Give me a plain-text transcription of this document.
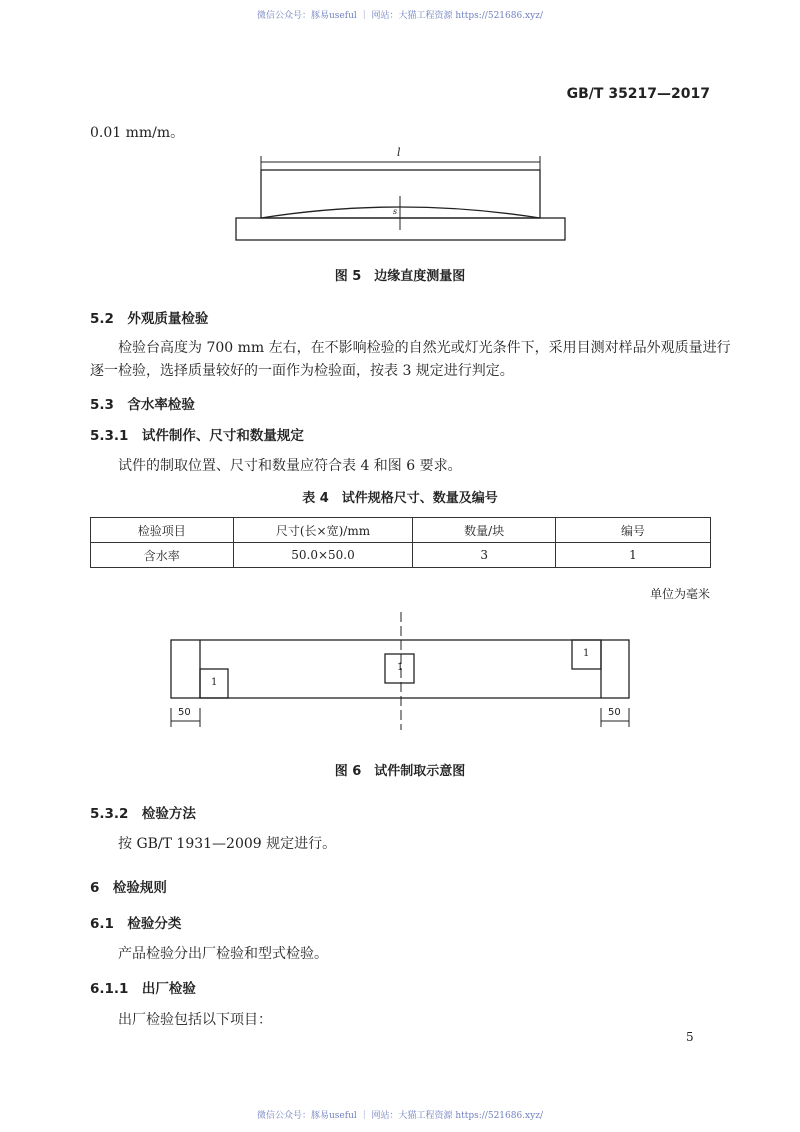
微信公众号：豚易useful ｜ 网站：大猫工程资源 https://521686.xyz/
GB/T 35217—2017
0.01 mm/m。
l
s
图 5　边缘直度测量图
5.2　外观质量检验
检验台高度为 700 mm 左右，在不影响检验的自然光或灯光条件下，采用目测对样品外观质量进行
逐一检验，选择质量较好的一面作为检验面，按表 3 规定进行判定。
5.3　含水率检验
5.3.1　试件制作、尺寸和数量规定
试件的制取位置、尺寸和数量应符合表 4 和图 6 要求。
表 4　试件规格尺寸、数量及编号
检验项目	尺寸(长×宽)/mm	数量/块	编号
含水率	50.0×50.0	3	1
单位为毫米
1
1
1
50	50
图 6　试件制取示意图
5.3.2　检验方法
按 GB/T 1931—2009 规定进行。
6　检验规则
6.1　检验分类
产品检验分出厂检验和型式检验。
6.1.1　出厂检验
出厂检验包括以下项目：
5
微信公众号：豚易useful ｜ 网站：大猫工程资源 https://521686.xyz/
